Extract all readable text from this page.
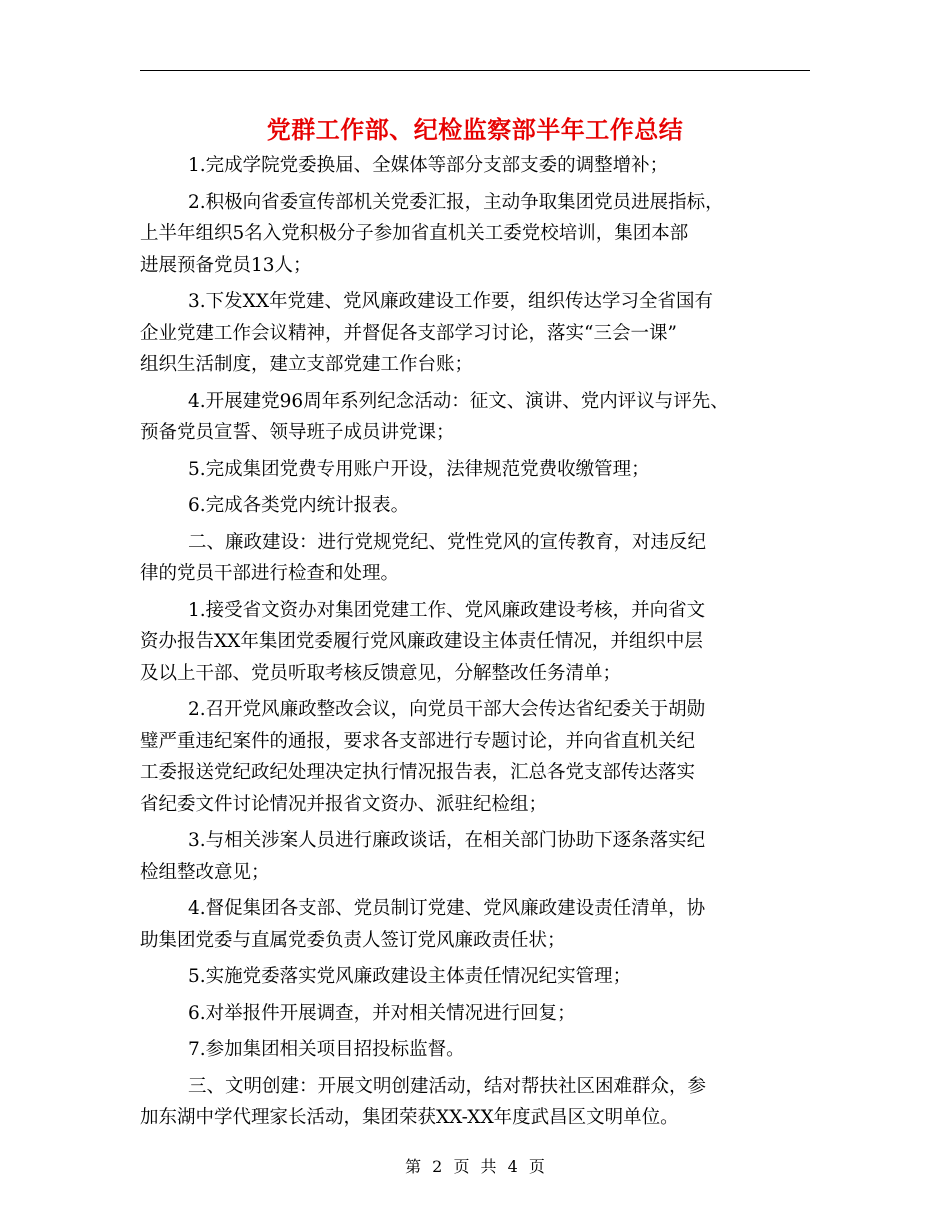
党群工作部、纪检监察部半年工作总结
1.完成学院党委换届、全媒体等部分支部支委的调整增补；
2.积极向省委宣传部机关党委汇报，主动争取集团党员进展指标，
上半年组织5名入党积极分子参加省直机关工委党校培训，集团本部
进展预备党员13人；
3.下发XX年党建、党风廉政建设工作要，组织传达学习全省国有
企业党建工作会议精神，并督促各支部学习讨论，落实“三会一课”
组织生活制度，建立支部党建工作台账；
4.开展建党96周年系列纪念活动：征文、演讲、党内评议与评先、
预备党员宣誓、领导班子成员讲党课；
5.完成集团党费专用账户开设，法律规范党费收缴管理；
6.完成各类党内统计报表。
二、廉政建设：进行党规党纪、党性党风的宣传教育，对违反纪
律的党员干部进行检查和处理。
1.接受省文资办对集团党建工作、党风廉政建设考核，并向省文
资办报告XX年集团党委履行党风廉政建设主体责任情况，并组织中层
及以上干部、党员听取考核反馈意见，分解整改任务清单；
2.召开党风廉政整改会议，向党员干部大会传达省纪委关于胡勋
璧严重违纪案件的通报，要求各支部进行专题讨论，并向省直机关纪
工委报送党纪政纪处理决定执行情况报告表，汇总各党支部传达落实
省纪委文件讨论情况并报省文资办、派驻纪检组；
3.与相关涉案人员进行廉政谈话，在相关部门协助下逐条落实纪
检组整改意见；
4.督促集团各支部、党员制订党建、党风廉政建设责任清单，协
助集团党委与直属党委负责人签订党风廉政责任状；
5.实施党委落实党风廉政建设主体责任情况纪实管理；
6.对举报件开展调查，并对相关情况进行回复；
7.参加集团相关项目招投标监督。
三、文明创建：开展文明创建活动，结对帮扶社区困难群众，参
加东湖中学代理家长活动，集团荣获XX-XX年度武昌区文明单位。
第 2 页 共 4 页
